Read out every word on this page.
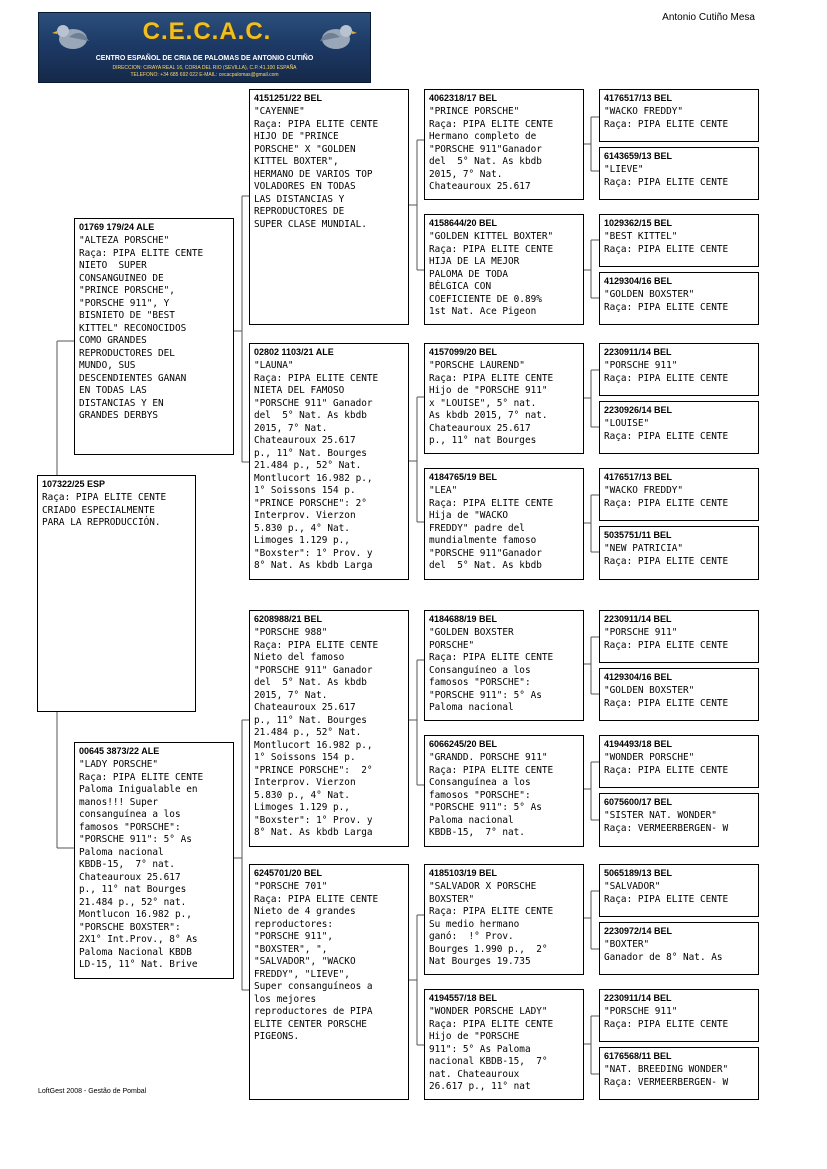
C.E.C.A.C.
CENTRO ESPAÑOL DE CRIA DE PALOMAS DE ANTONIO CUTIÑO
DIRECCION: C/RAYA REAL 16, CORIA DEL RIO (SEVILLA), C.P.:41.100 ESPAÑA
TELEFONO: +34 685 692 022 E-MAIL: cecacpalomas@gmail.com
Antonio Cutiño Mesa
107322/25 ESP
Raça: PIPA ELITE CENTE
CRIADO ESPECIALMENTE
PARA LA REPRODUCCIÓN.
01769 179/24 ALE
"ALTEZA PORSCHE"
Raça: PIPA ELITE CENTE
NIETO  SUPER
CONSANGUINEO DE
"PRINCE PORSCHE",
"PORSCHE 911", Y
BISNIETO DE "BEST
KITTEL" RECONOCIDOS
COMO GRANDES
REPRODUCTORES DEL
MUNDO, SUS
DESCENDIENTES GANAN
EN TODAS LAS
DISTANCIAS Y EN
GRANDES DERBYS
00645 3873/22 ALE
"LADY PORSCHE"
Raça: PIPA ELITE CENTE
Paloma Inigualable en
manos!!! Super
consanguínea a los
famosos "PORSCHE":
"PORSCHE 911": 5° As
Paloma nacional
KBDB-15,  7° nat.
Chateauroux 25.617
p., 11° nat Bourges
21.484 p., 52° nat.
Montlucon 16.982 p.,
"PORSCHE BOXSTER":
2X1° Int.Prov., 8° As
Paloma Nacional KBDB
LD-15, 11° Nat. Brive
4151251/22 BEL
"CAYENNE"
Raça: PIPA ELITE CENTE
HIJO DE "PRINCE
PORSCHE" X "GOLDEN
KITTEL BOXTER",
HERMANO DE VARIOS TOP
VOLADORES EN TODAS
LAS DISTANCIAS Y
REPRODUCTORES DE
SUPER CLASE MUNDIAL.
02802 1103/21 ALE
"LAUNA"
Raça: PIPA ELITE CENTE
NIETA DEL FAMOSO
"PORSCHE 911" Ganador
del  5° Nat. As kbdb
2015, 7° Nat.
Chateauroux 25.617
p., 11° Nat. Bourges
21.484 p., 52° Nat.
Montlucort 16.982 p.,
1° Soissons 154 p.
"PRINCE PORSCHE": 2°
Interprov. Vierzon
5.830 p., 4° Nat.
Limoges 1.129 p.,
"Boxster": 1° Prov. y
8° Nat. As kbdb Larga
6208988/21 BEL
"PORSCHE 988"
Raça: PIPA ELITE CENTE
Nieto del famoso
"PORSCHE 911" Ganador
del  5° Nat. As kbdb
2015, 7° Nat.
Chateauroux 25.617
p., 11° Nat. Bourges
21.484 p., 52° Nat.
Montlucort 16.982 p.,
1° Soissons 154 p.
"PRINCE PORSCHE":  2°
Interprov. Vierzon
5.830 p., 4° Nat.
Limoges 1.129 p.,
"Boxster": 1° Prov. y
8° Nat. As kbdb Larga
6245701/20 BEL
"PORSCHE 701"
Raça: PIPA ELITE CENTE
Nieto de 4 grandes
reproductores:
"PORSCHE 911",
"BOXSTER", ",
"SALVADOR", "WACKO
FREDDY", "LIEVE",
Super consanguíneos a
los mejores
reproductores de PIPA
ELITE CENTER PORSCHE
PIGEONS.
4062318/17 BEL
"PRINCE PORSCHE"
Raça: PIPA ELITE CENTE
Hermano completo de
"PORSCHE 911"Ganador
del  5° Nat. As kbdb
2015, 7° Nat.
Chateauroux 25.617
4158644/20 BEL
"GOLDEN KITTEL BOXTER"
Raça: PIPA ELITE CENTE
HIJA DE LA MEJOR
PALOMA DE TODA
BÉLGICA CON
COEFICIENTE DE 0.89%
1st Nat. Ace Pigeon
4157099/20 BEL
"PORSCHE LAUREND"
Raça: PIPA ELITE CENTE
Hijo de "PORSCHE 911"
x "LOUISE", 5° nat.
As kbdb 2015, 7° nat.
Chateauroux 25.617
p., 11° nat Bourges
4184765/19 BEL
"LEA"
Raça: PIPA ELITE CENTE
Hija de "WACKO
FREDDY" padre del
mundialmente famoso
"PORSCHE 911"Ganador
del  5° Nat. As kbdb
4184688/19 BEL
"GOLDEN BOXSTER
PORSCHE"
Raça: PIPA ELITE CENTE
Consanguíneo a los
famosos "PORSCHE":
"PORSCHE 911": 5° As
Paloma nacional
6066245/20 BEL
"GRANDD. PORSCHE 911"
Raça: PIPA ELITE CENTE
Consanguínea a los
famosos "PORSCHE":
"PORSCHE 911": 5° As
Paloma nacional
KBDB-15,  7° nat.
4185103/19 BEL
"SALVADOR X PORSCHE
BOXSTER"
Raça: PIPA ELITE CENTE
Su medio hermano
ganó:  !° Prov.
Bourges 1.990 p.,  2°
Nat Bourges 19.735
4194557/18 BEL
"WONDER PORSCHE LADY"
Raça: PIPA ELITE CENTE
Hijo de "PORSCHE
911": 5° As Paloma
nacional KBDB-15,  7°
nat. Chateauroux
26.617 p., 11° nat
4176517/13 BEL
"WACKO FREDDY"
Raça: PIPA ELITE CENTE
6143659/13 BEL
"LIEVE"
Raça: PIPA ELITE CENTE
1029362/15 BEL
"BEST KITTEL"
Raça: PIPA ELITE CENTE
4129304/16 BEL
"GOLDEN BOXSTER"
Raça: PIPA ELITE CENTE
2230911/14 BEL
"PORSCHE 911"
Raça: PIPA ELITE CENTE
2230926/14 BEL
"LOUISE"
Raça: PIPA ELITE CENTE
4176517/13 BEL
"WACKO FREDDY"
Raça: PIPA ELITE CENTE
5035751/11 BEL
"NEW PATRICIA"
Raça: PIPA ELITE CENTE
2230911/14 BEL
"PORSCHE 911"
Raça: PIPA ELITE CENTE
4129304/16 BEL
"GOLDEN BOXSTER"
Raça: PIPA ELITE CENTE
4194493/18 BEL
"WONDER PORSCHE"
Raça: PIPA ELITE CENTE
6075600/17 BEL
"SISTER NAT. WONDER"
Raça: VERMEERBERGEN- W
5065189/13 BEL
"SALVADOR"
Raça: PIPA ELITE CENTE
2230972/14 BEL
"BOXTER"
Ganador de 8° Nat. As
2230911/14 BEL
"PORSCHE 911"
Raça: PIPA ELITE CENTE
6176568/11 BEL
"NAT. BREEDING WONDER"
Raça: VERMEERBERGEN- W
LoftGest 2008 - Gestão de Pombal
